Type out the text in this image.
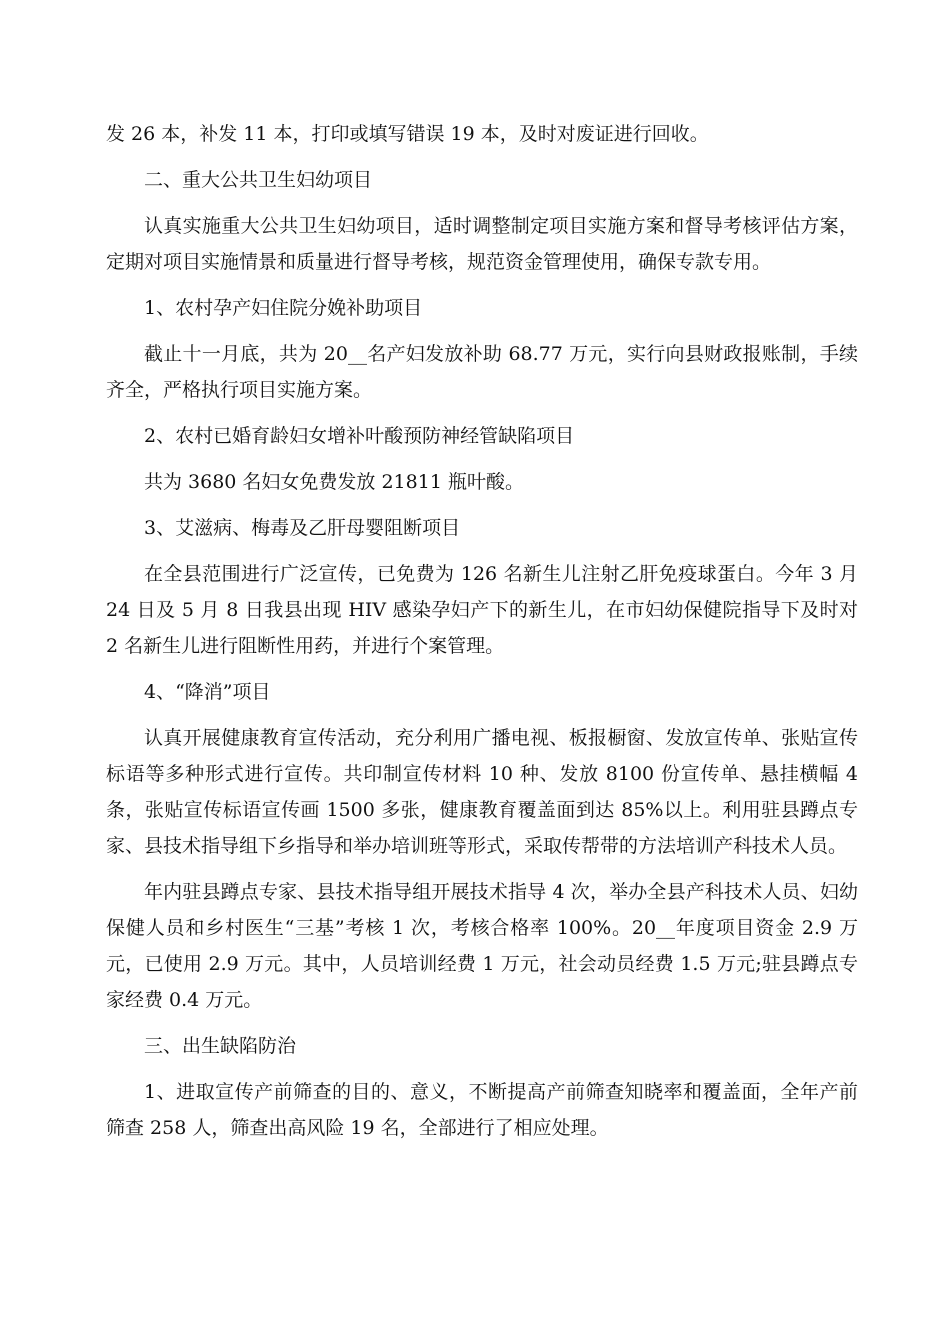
发 26 本，补发 11 本，打印或填写错误 19 本，及时对废证进行回收。

二、重大公共卫生妇幼项目

认真实施重大公共卫生妇幼项目，适时调整制定项目实施方案和督导考核评估方案，定期对项目实施情景和质量进行督导考核，规范资金管理使用，确保专款专用。

1、农村孕产妇住院分娩补助项目

截止十一月底，共为 20__名产妇发放补助 68.77 万元，实行向县财政报账制，手续齐全，严格执行项目实施方案。

2、农村已婚育龄妇女增补叶酸预防神经管缺陷项目

共为 3680 名妇女免费发放 21811 瓶叶酸。

3、艾滋病、梅毒及乙肝母婴阻断项目

在全县范围进行广泛宣传，已免费为 126 名新生儿注射乙肝免疫球蛋白。今年 3 月 24 日及 5 月 8 日我县出现 HIV 感染孕妇产下的新生儿，在市妇幼保健院指导下及时对 2 名新生儿进行阻断性用药，并进行个案管理。

4、“降消”项目

认真开展健康教育宣传活动，充分利用广播电视、板报橱窗、发放宣传单、张贴宣传标语等多种形式进行宣传。共印制宣传材料 10 种、发放 8100 份宣传单、悬挂横幅 4 条，张贴宣传标语宣传画 1500 多张，健康教育覆盖面到达 85%以上。利用驻县蹲点专家、县技术指导组下乡指导和举办培训班等形式，采取传帮带的方法培训产科技术人员。

年内驻县蹲点专家、县技术指导组开展技术指导 4 次，举办全县产科技术人员、妇幼保健人员和乡村医生“三基”考核 1 次，考核合格率 100%。20__年度项目资金 2.9 万元，已使用 2.9 万元。其中，人员培训经费 1 万元，社会动员经费 1.5 万元;驻县蹲点专家经费 0.4 万元。

三、出生缺陷防治

1、进取宣传产前筛查的目的、意义，不断提高产前筛查知晓率和覆盖面，全年产前筛查 258 人，筛查出高风险 19 名，全部进行了相应处理。
